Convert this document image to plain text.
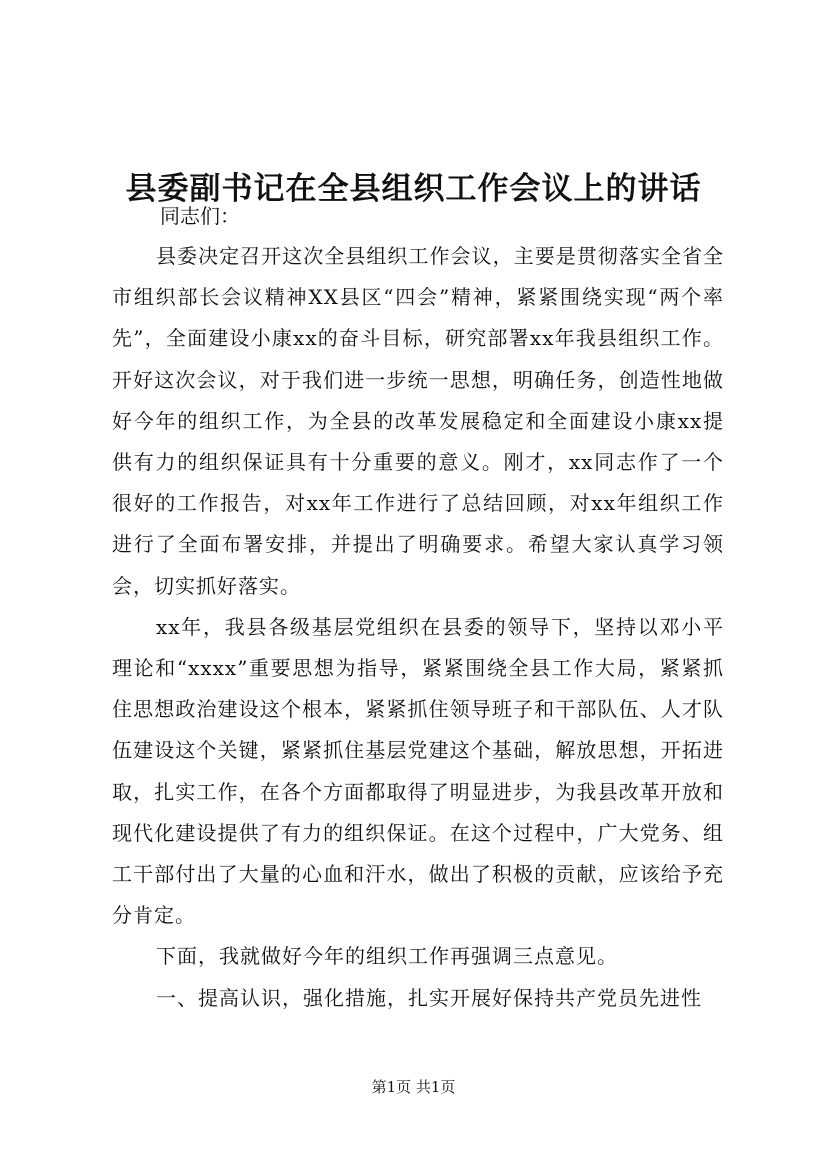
县委副书记在全县组织工作会议上的讲话
同志们：

县委决定召开这次全县组织工作会议，主要是贯彻落实全省全市组织部长会议精神XX县区“四会”精神，紧紧围绕实现“两个率先”，全面建设小康xx的奋斗目标，研究部署xx年我县组织工作。开好这次会议，对于我们进一步统一思想，明确任务，创造性地做好今年的组织工作，为全县的改革发展稳定和全面建设小康xx提供有力的组织保证具有十分重要的意义。刚才，xx同志作了一个很好的工作报告，对xx年工作进行了总结回顾，对xx年组织工作进行了全面布署安排，并提出了明确要求。希望大家认真学习领会，切实抓好落实。

xx年，我县各级基层党组织在县委的领导下，坚持以邓小平理论和“xxxx”重要思想为指导，紧紧围绕全县工作大局，紧紧抓住思想政治建设这个根本，紧紧抓住领导班子和干部队伍、人才队伍建设这个关键，紧紧抓住基层党建这个基础，解放思想，开拓进取，扎实工作，在各个方面都取得了明显进步，为我县改革开放和现代化建设提供了有力的组织保证。在这个过程中，广大党务、组工干部付出了大量的心血和汗水，做出了积极的贡献，应该给予充分肯定。

下面，我就做好今年的组织工作再强调三点意见。

一、提高认识，强化措施，扎实开展好保持共产党员先进性

第1页 共1页
